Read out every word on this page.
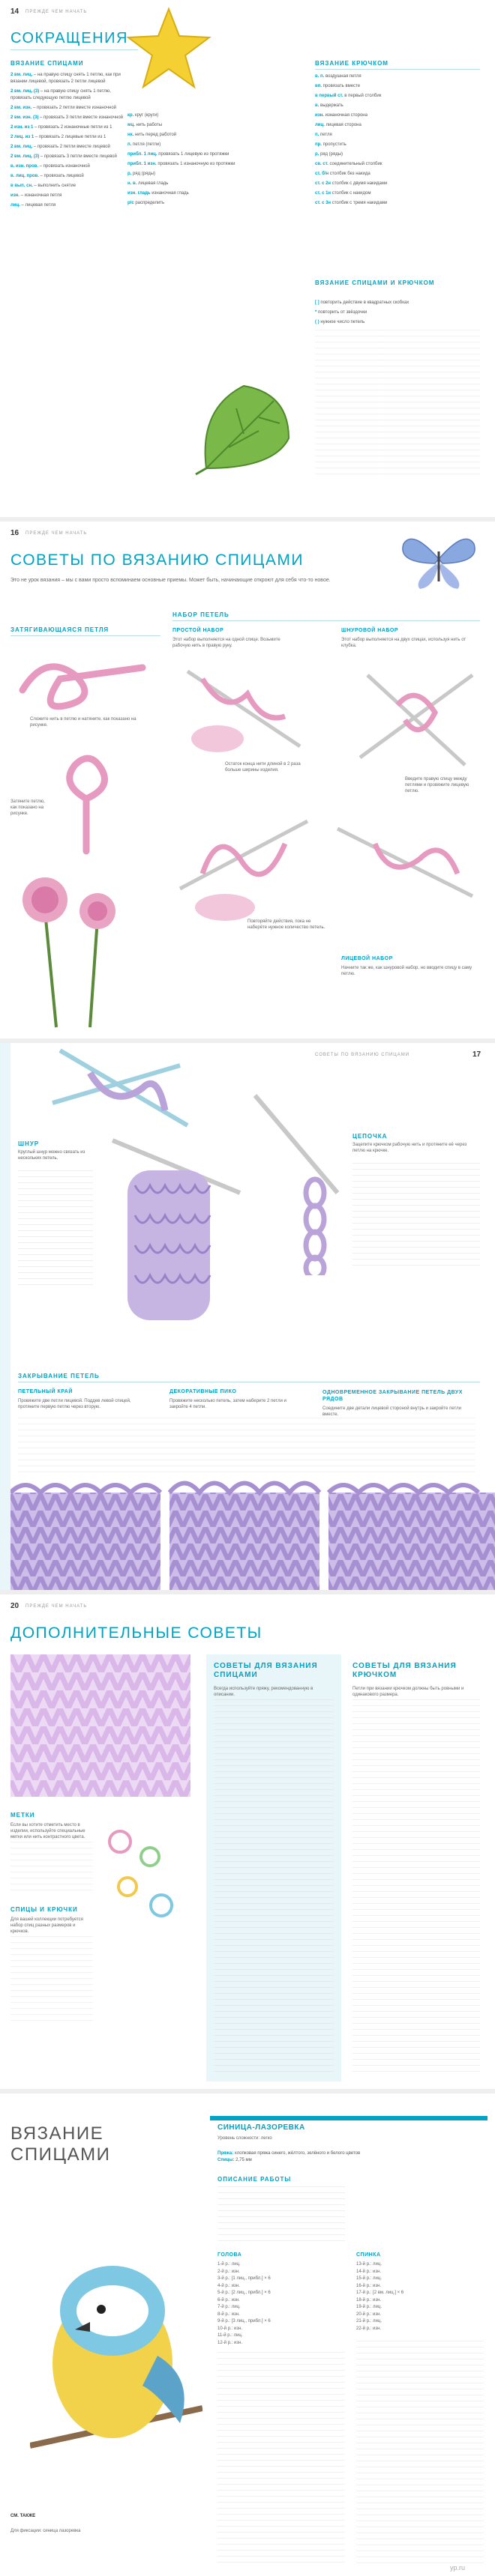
14 ПРЕЖДЕ ЧЕМ НАЧАТЬ
СОКРАЩЕНИЯ
ВЯЗАНИЕ СПИЦАМИ
2 вм. лиц. – на правую спицу снять 1 петлю, как при вязании лицевой, провязать 2 петли лицевой
2 вм. лиц. (3) – на правую спицу снять 1 петлю, провязать следующую петлю лицевой
2 вм. изн. – провязать 2 петли вместе изнаночной
2 вм. изн. (3) – провязать 3 петли вместе изнаночной
2 изн. из 1 – провязать 2 изнаночные петли из 1
2 лиц. из 1 – провязать 2 лицевые петли из 1
2 вм. лиц. – провязать 2 петли вместе лицевой
2 вм. лиц. (3) – провязать 3 петли вместе лицевой
в. изн. пров. – провязать изнаночной
в. лиц. пров. – провязать лицевой
в вып. сн. – выполнить снятие
изн. – изнаночная петля
лиц. – лицевая петля
кр. круг (круги)
мц. нить работы
нк. нить перед работой
п. петля (петли)
прибл. 1 лиц. провязать 1 лицевую из протяжки
прибл. 1 изн. провязать 1 изнаночную из протяжки
р. ряд (ряды)
н. в. лицевая гладь
изн. гладь изнаночная гладь
р/с распределить
ВЯЗАНИЕ КРЮЧКОМ
в. п. воздушная петля
вп. провязать вместе
в первый ст. в первый столбик
в. выдержать
изн. изнаночная сторона
лиц. лицевая сторона
п. петля
пр. пропустить
р. ряд (ряды)
св. ст. соединительный столбик
ст. б/н столбик без накида
ст. с 2н столбик с двумя накидами
ст. с 1н столбик с накидом
ст. с 3н столбик с тремя накидами
ВЯЗАНИЕ СПИЦАМИ И КРЮЧКОМ
[ ] повторить действие в квадратных скобках
* повторить от звёздочки
( ) нужное число петель
16 ПРЕЖДЕ ЧЕМ НАЧАТЬ
СОВЕТЫ ПО ВЯЗАНИЮ СПИЦАМИ
Это не урок вязания – мы с вами просто вспоминаем основные приемы. Может быть, начинающие откроют для себя что-то новое.
ЗАТЯГИВАЮЩАЯСЯ ПЕТЛЯ
Сложите нить в петлю и натяните, как показано на рисунке.
Затяните петлю, как показано на рисунке.
НАБОР ПЕТЕЛЬ
ПРОСТОЙ НАБОР
Этот набор выполняется на одной спице. Возьмите рабочую нить в правую руку.
Остаток конца нити длиной в 2 раза больше ширины изделия.
Повторяйте действия, пока не наберёте нужное количество петель.
ШНУРОВОЙ НАБОР
Этот набор выполняется на двух спицах, используя нить от клубка.
Введите правую спицу между петлями и провяжите лицевую петлю.
ЛИЦЕВОЙ НАБОР
Начните так же, как шнуровой набор, но вводите спицу в саму петлю.
СОВЕТЫ ПО ВЯЗАНИЮ СПИЦАМИ	17
ШНУР
Круглый шнур можно связать из нескольких петель.
ЦЕПОЧКА
Зацепите крючком рабочую нить и протяните её через петлю на крючке.
ЗАКРЫВАНИЕ ПЕТЕЛЬ
ПЕТЕЛЬНЫЙ КРАЙ
Провяжите две петли лицевой. Поддев левой спицей, протяните первую петлю через вторую.
ДЕКОРАТИВНЫЕ ПИКО
Провяжите несколько петель, затем наберите 2 петли и закройте 4 петли.
ОДНОВРЕМЕННОЕ ЗАКРЫВАНИЕ ПЕТЕЛЬ ДВУХ РЯДОВ
Соедините две детали лицевой стороной внутрь и закройте петли вместе.
20 ПРЕЖДЕ ЧЕМ НАЧАТЬ
ДОПОЛНИТЕЛЬНЫЕ СОВЕТЫ
МЕТКИ
Если вы хотите отметить место в изделии, используйте специальные метки или нить контрастного цвета.
СПИЦЫ И КРЮЧКИ
Для вашей коллекции потребуется набор спиц разных размеров и крючков.
СОВЕТЫ ДЛЯ ВЯЗАНИЯ СПИЦАМИ
Всегда используйте пряжу, рекомендованную в описании.
СОВЕТЫ ДЛЯ ВЯЗАНИЯ КРЮЧКОМ
Петли при вязании крючком должны быть ровными и одинакового размера.
ВЯЗАНИЕ СПИЦАМИ
СМ. ТАКЖЕ
Для фиксации: синица лазоревка
СИНИЦА-ЛАЗОРЕВКА
Уровень сложности: легко
Пряжа: хлопковая пряжа синего, жёлтого, зелёного и белого цветов
Спицы: 2,75 мм
ОПИСАНИЕ РАБОТЫ
ГОЛОВА
1-й р.: лиц.
2-й р.: изн.
3-й р.: [1 лиц., прибл.] × 6
4-й р.: изн.
5-й р.: [2 лиц., прибл.] × 6
6-й р.: изн.
7-й р.: лиц.
8-й р.: изн.
9-й р.: [3 лиц., прибл.] × 6
10-й р.: изн.
11-й р.: лиц.
12-й р.: изн.
СПИНКА
13-й р.: лиц.
14-й р.: изн.
15-й р.: лиц.
16-й р.: изн.
17-й р.: [2 вм. лиц.] × 6
18-й р.: изн.
19-й р.: лиц.
20-й р.: изн.
21-й р.: лиц.
22-й р.: изн.
yp.ru
